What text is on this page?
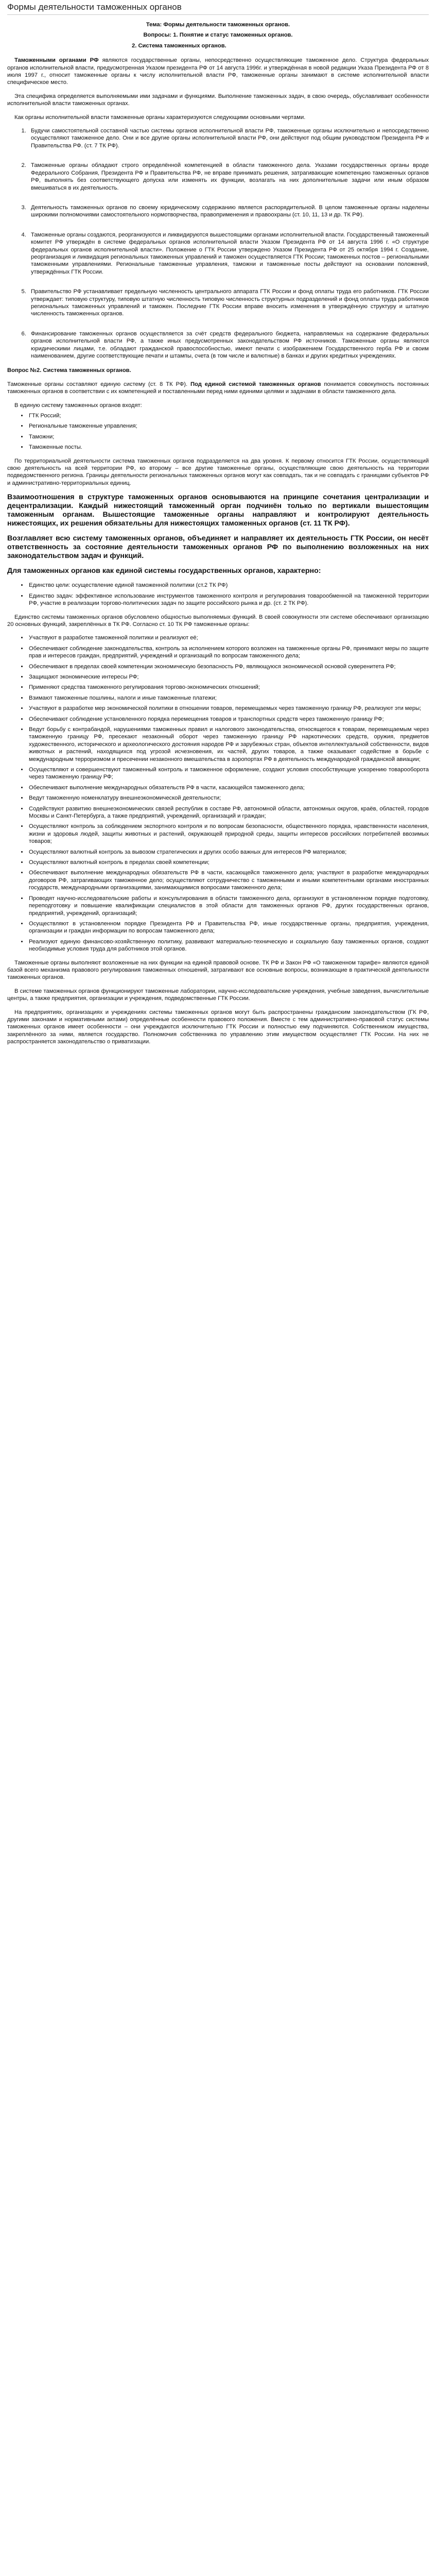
Формы деятельности таможенных органов

Тема: Формы деятельности таможенных органов.

Вопросы: 1. Понятие и статус таможенных органов.

2. Система таможенных органов.

Таможенными органами РФ являются государственные органы, непосредственно осуществляющие таможенное дело. Структура федеральных органов исполнительной власти, предусмотренная Указом президента РФ от 14 августа 1996г. и утверждённая в новой редакции Указа Президента РФ от 8 июля 1997 г., относит таможенные органы к числу исполнительной власти РФ, таможенные органы занимают в системе исполнительной власти специфическое место.

Эта специфика определяется выполняемыми ими задачами и функциями. Выполнение таможенных задач, в свою очередь, обуславливает особенности исполнительной власти таможенных органах.

Как органы исполнительной власти таможенные органы характеризуются следующими основными чертами.

1. Будучи самостоятельной составной частью системы органов исполнительной власти РФ, таможенные органы исключительно и непосредственно осуществляют таможенное дело. Они и все другие органы исполнительной власти РФ, они действуют под общим руководством Президента РФ и Правительства РФ. (ст. 7 ТК РФ).

2. Таможенные органы обладают строго определённой компетенцией в области таможенного дела. Указами государственных органы вроде Федерального Собрания, Президента РФ и Правительства РФ, не вправе принимать решения, затрагивающие компетенцию таможенных органов РФ, выполнять без соответствующего допуска или изменять их функции, возлагать на них дополнительные задачи или иным образом вмешиваться в их деятельность.

3. Деятельность таможенных органов по своему юридическому содержанию является распорядительной. В целом таможенные органы наделены широкими полномочиями самостоятельного нормотворчества, правоприменения и правоохраны (ст. 10, 11, 13 и др. ТК РФ).

4. Таможенные органы создаются, реорганизуются и ликвидируются вышестоящими органами исполнительной власти. Государственный таможенный комитет РФ утверждён в системе федеральных органов исполнительной власти Указом Президента РФ от 14 августа 1996 г. «О структуре федеральных органов исполнительной власти». Положение о ГТК России утверждено Указом Президента РФ от 25 октября 1994 г. Создание, реорганизация и ликвидация региональных таможенных управлений и таможен осуществляется ГТК России; таможенных постов – региональными таможенными управлениями. Региональные таможенные управления, таможни и таможенные посты действуют на основании положений, утверждённых ГТК России.

5. Правительство РФ устанавливает предельную численность центрального аппарата ГТК России и фонд оплаты труда его работников. ГТК России утверждает: типовую структуру, типовую штатную численность типовую численность структурных подразделений и фонд оплаты труда работников региональных таможенных управлений и таможен. Последние ГТК России вправе вносить изменения в утверждённую структуру и штатную численность таможенных органов.

6. Финансирование таможенных органов осуществляется за счёт средств федерального бюджета, направляемых на содержание федеральных органов исполнительной власти РФ, а также иных предусмотренных законодательством РФ источников. Таможенные органы являются юридическими лицами, т.е. обладают гражданской правоспособностью, имеют печати с изображением Государственного герба РФ и своим наименованием, другие соответствующие печати и штампы, счета (в том числе и валютные) в банках и других кредитных учреждениях.

Вопрос №2. Система таможенных органов.

Таможенные органы составляют единую систему (ст. 8 ТК РФ). Под единой системой таможенных органов понимается совокупность постоянных таможенных органов в соответствии с их компетенцией и поставленными перед ними единими целями и задачами в области таможенного дела.

В единую систему таможенных органов входят:

• ГТК Россий;
• Региональные таможенные управления;
• Таможни;
• Таможенные посты.

По территориальной деятельности система таможенных органов подразделяется на два уровня. К первому относится ГТК России, осуществляющий свою деятельность на всей территории РФ, ко второму – все другие таможенные органы, осуществляющие свою деятельность на территории подведомственного региона. Границы деятельности региональных таможенных органов могут как совпадать, так и не совпадать с границами субъектов РФ и административно-территориальных единиц.

Взаимоотношения в структуре таможенных органов основываются на принципе сочетания централизации и децентрализации. Каждый нижестоящий таможенный орган подчинён только по вертикали вышестоящим таможенным органам. Вышестоящие таможенные органы направляют и контролируют деятельность нижестоящих, их решения обязательны для нижестоящих таможенных органов (ст. 11 ТК РФ).

Возглавляет всю систему таможенных органов, объединяет и направляет их деятельность ГТК России, он несёт ответственность за состояние деятельности таможенных органов РФ по выполнению возложенных на них законодательством задач и функций.

Для таможенных органов как единой системы государственных органов, характерно:

• Единство цели: осуществление единой таможенной политики (ст.2 ТК РФ)
• Единство задач: эффективное использование инструментов таможенного контроля и регулирования товарообменной на таможенной территории РФ, участие в реализации торгово-политических задач по защите российского рынка и др. (ст. 2 ТК РФ).

Единство системы таможенных органов обусловлено общностью выполняемых функций. В своей совокупности эти системе обеспечивают организацию 20 основных функций, закреплённых в ТК РФ. Согласно ст. 10 ТК РФ таможенные органы:

• Участвуют в разработке таможенной политики и реализуют её;
• Обеспечивают соблюдение законодательства, контроль за исполнением которого возложен на таможенные органы РФ, принимают меры по защите прав и интересов граждан, предприятий, учреждений и организаций по вопросам таможенного дела;
• Обеспечивают в пределах своей компетенции экономическую безопасность РФ, являющуюся экономической основой суверенитета РФ;
• Защищают экономические интересы РФ;
• Применяют средства таможенного регулирования торгово-экономических отношений;
• Взимают таможенные пошлины, налоги и иные таможенные платежи;
• Участвуют в разработке мер экономической политики в отношении товаров, перемещаемых через таможенную границу РФ, реализуют эти меры;
• Обеспечивают соблюдение установленного порядка перемещения товаров и транспортных средств через таможенную границу РФ;
• Ведут борьбу с контрабандой, нарушениями таможенных правил и налогового законодательства, относящегося к товарам, перемещаемым через таможенную границу РФ, пресекают незаконный оборот через таможенную границу РФ наркотических средств, оружия, предметов художественного, исторического и археологического достояния народов РФ и зарубежных стран, объектов интеллектуальной собственности, видов животных и растений, находящихся под угрозой исчезновения, их частей, других товаров, а также оказывают содействие в борьбе с международным терроризмом и пресечении незаконного вмешательства в аэропортах РФ в деятельность международной гражданской авиации;
• Осуществляют и совершенствуют таможенный контроль и таможенное оформление, создают условия способствующие ускорению товарооборота через таможенную границу РФ;
• Обеспечивают выполнение международных обязательств РФ в части, касающейся таможенного дела;
• Ведут таможенную номенклатуру внешнеэкономической деятельности;
• Содействуют развитию внешнеэкономических связей республик в составе РФ, автономной области, автономных округов, краёв, областей, городов Москвы и Санкт-Петербурга, а также предприятий, учреждений, организаций и граждан;
• Осуществляют контроль за соблюдением экспортного контроля и по вопросам безопасности, общественного порядка, нравственности населения, жизни и здоровья людей, защиты животных и растений, окружающей природной среды, защиты интересов российских потребителей ввозимых товаров;
• Осуществляют валютный контроль за вывозом стратегических и других особо важных для интересов РФ материалов;
• Осуществляют валютный контроль в пределах своей компетенции;
• Обеспечивают выполнение международных обязательств РФ в части, касающейся таможенного дела; участвуют в разработке международных договоров РФ, затрагивающих таможенное дело; осуществляют сотрудничество с таможенными и иными компетентными органами иностранных государств, международными организациями, занимающимися вопросами таможенного дела;
• Проводят научно-исследовательские работы и консультирования в области таможенного дела, организуют в установленном порядке подготовку, переподготовку и повышение квалификации специалистов в этой области для таможенных органов РФ, других государственных органов, предприятий, учреждений, организаций;
• Осуществляют в установленном порядке Президента РФ и Правительства РФ, иные государственные органы, предприятия, учреждения, организации и граждан информации по вопросам таможенного дела;
• Реализуют единую финансово-хозяйственную политику, развивают материально-техническую и социальную базу таможенных органов, создают необходимые условия труда для работников этой органов.

Таможенные органы выполняют возложенные на них функции на единой правовой основе. ТК РФ и Закон РФ «О таможенном тарифе» являются единой базой всего механизма правового регулирования таможенных отношений, затрагивают все основные вопросы, возникающие в практической деятельности таможенных органов.

В системе таможенных органов функционируют таможенные лаборатории, научно-исследовательские учреждения, учебные заведения, вычислительные центры, а также предприятия, организации и учреждения, подведомственные ГТК России.

На предприятиях, организациях и учреждениях системы таможенных органов могут быть распространены гражданским законодательством (ГК РФ, другими законами и нормативными актами) определённые особенности правового положения. Вместе с тем административно-правовой статус системы таможенных органов имеет особенности – они учреждаются исключительно ГТК России и полностью ему подчиняются. Собственником имущества, закреплённого за ними, является государство. Полномочия собственника по управлению этим имуществом осуществляет ГТК России. На них не распространяется законодательство о приватизации.
